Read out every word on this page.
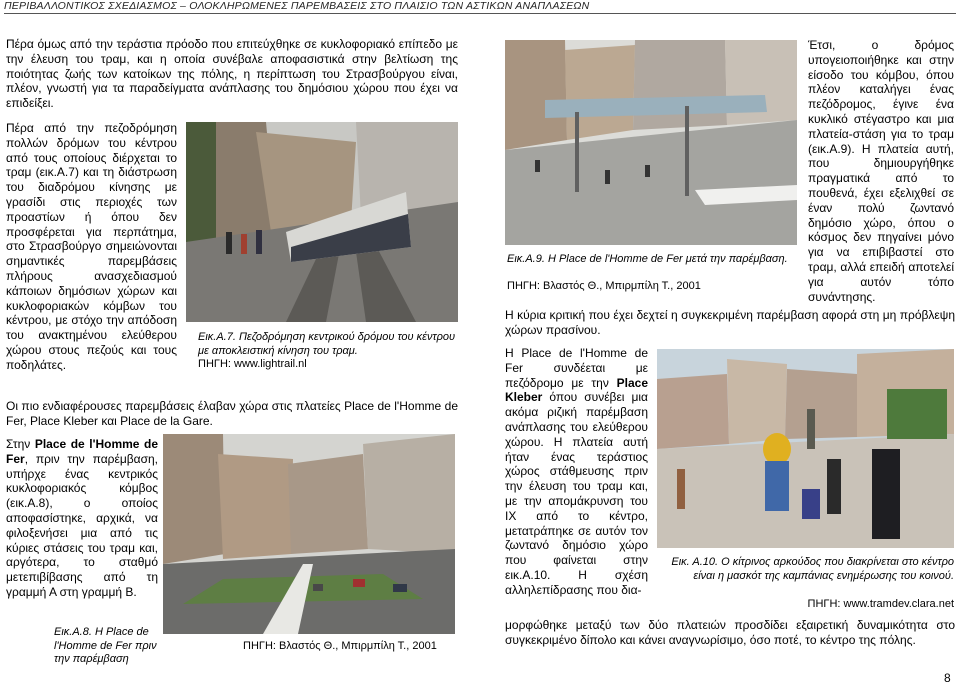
ΠΕΡΙΒΑΛΛΟΝΤΙΚΟΣ ΣΧΕΔΙΑΣΜΟΣ – ΟΛΟΚΛΗΡΩΜΕΝΕΣ ΠΑΡΕΜΒΑΣΕΙΣ ΣΤΟ ΠΛΑΙΣΙΟ ΤΩΝ ΑΣΤΙΚΩΝ ΑΝΑΠΛΑΣΕΩΝ

Πέρα όμως από την τεράστια πρόοδο που επιτεύχθηκε σε κυκλοφοριακό επίπεδο με την έλευση του τραμ, και η οποία συνέβαλε αποφασιστικά στην βελτίωση της ποιότητας ζωής των κατοίκων της πόλης, η περίπτωση του Στρασβούργου είναι, πλέον, γνωστή για τα παραδείγματα ανάπλασης του δημόσιου χώρου που έχει να επιδείξει.

Πέρα από την πεζοδρόμηση πολλών δρόμων του κέντρου από τους οποίους διέρχεται το τραμ (εικ.Α.7) και τη διάστρωση του διαδρόμου κίνησης με γρασίδι στις περιοχές των προαστίων ή όπου δεν προσφέρεται για περπάτημα, στο Στρασβούργο σημειώνονται σημαντικές παρεμβάσεις πλήρους ανασχεδιασμού κάποιων δημόσιων χώρων και κυκλοφοριακών κόμβων του κέντρου, με στόχο την απόδοση του ανακτημένου ελεύθερου χώρου στους πεζούς και τους ποδηλάτες.

Εικ.Α.7. Πεζοδρόμηση κεντρικού δρόμου του κέντρου με αποκλειστική κίνηση του τραμ.

ΠΗΓΗ: www.lightrail.nl

Οι πιο ενδιαφέρουσες παρεμβάσεις έλαβαν χώρα στις πλατείες Place de l'Homme de Fer, Place Kleber και Place de la Gare.

Στην Place de l'Homme de Fer, πριν την παρέμβαση, υπήρχε ένας κεντρικός κυκλοφοριακός κόμβος (εικ.Α.8), ο οποίος αποφασίστηκε, αρχικά, να φιλοξενήσει μια από τις κύριες στάσεις του τραμ και, αργότερα, το σταθμό μετεπιβίβασης από τη γραμμή Α στη γραμμή Β.

Εικ.Α.8. H Place de l'Homme de Fer πριν την παρέμβαση

ΠΗΓΗ: Βλαστός Θ., Μπιρμπίλη Τ., 2001

Εικ.Α.9. H Place de l'Homme de Fer μετά την παρέμβαση.

ΠΗΓΗ: Βλαστός Θ., Μπιρμπίλη Τ., 2001

Έτσι, ο δρόμος υπογειοποιήθηκε και στην είσοδο του κόμβου, όπου πλέον καταλήγει ένας πεζόδρομος, έγινε ένα κυκλικό στέγαστρο και μια πλατεία-στάση για το τραμ (εικ.Α.9). Η πλατεία αυτή, που δημιουργήθηκε πραγματικά από το πουθενά, έχει εξελιχθεί σε έναν πολύ ζωντανό δημόσιο χώρο, όπου ο κόσμος δεν πηγαίνει μόνο για να επιβιβαστεί στο τραμ, αλλά επειδή αποτελεί για αυτόν τόπο συνάντησης.

Η κύρια κριτική που έχει δεχτεί η συγκεκριμένη παρέμβαση αφορά στη μη πρόβλεψη χώρων πρασίνου.

H Place de l'Homme de Fer συνδέεται με πεζόδρομο με την Place Kleber όπου συνέβει μια ακόμα ριζική παρέμβαση ανάπλασης του ελεύθερου χώρου. Η πλατεία αυτή ήταν ένας τεράστιος χώρος στάθμευσης πριν την έλευση του τραμ και, με την απομάκρυνση του ΙΧ από το κέντρο, μετατράπηκε σε αυτόν τον ζωντανό δημόσιο χώρο που φαίνεται στην εικ.Α.10. Η σχέση αλληλεπίδρασης που δια-

Εικ. Α.10. Ο κίτρινος αρκούδος που διακρίνεται στο κέντρο είναι η μασκότ της καμπάνιας ενημέρωσης του κοινού.

ΠΗΓΗ: www.tramdev.clara.net

μορφώθηκε μεταξύ των δύο πλατειών προσδίδει εξαιρετική δυναμικότητα στο συγκεκριμένο δίπολο και κάνει αναγνωρίσιμο, όσο ποτέ, το κέντρο της πόλης.

8
